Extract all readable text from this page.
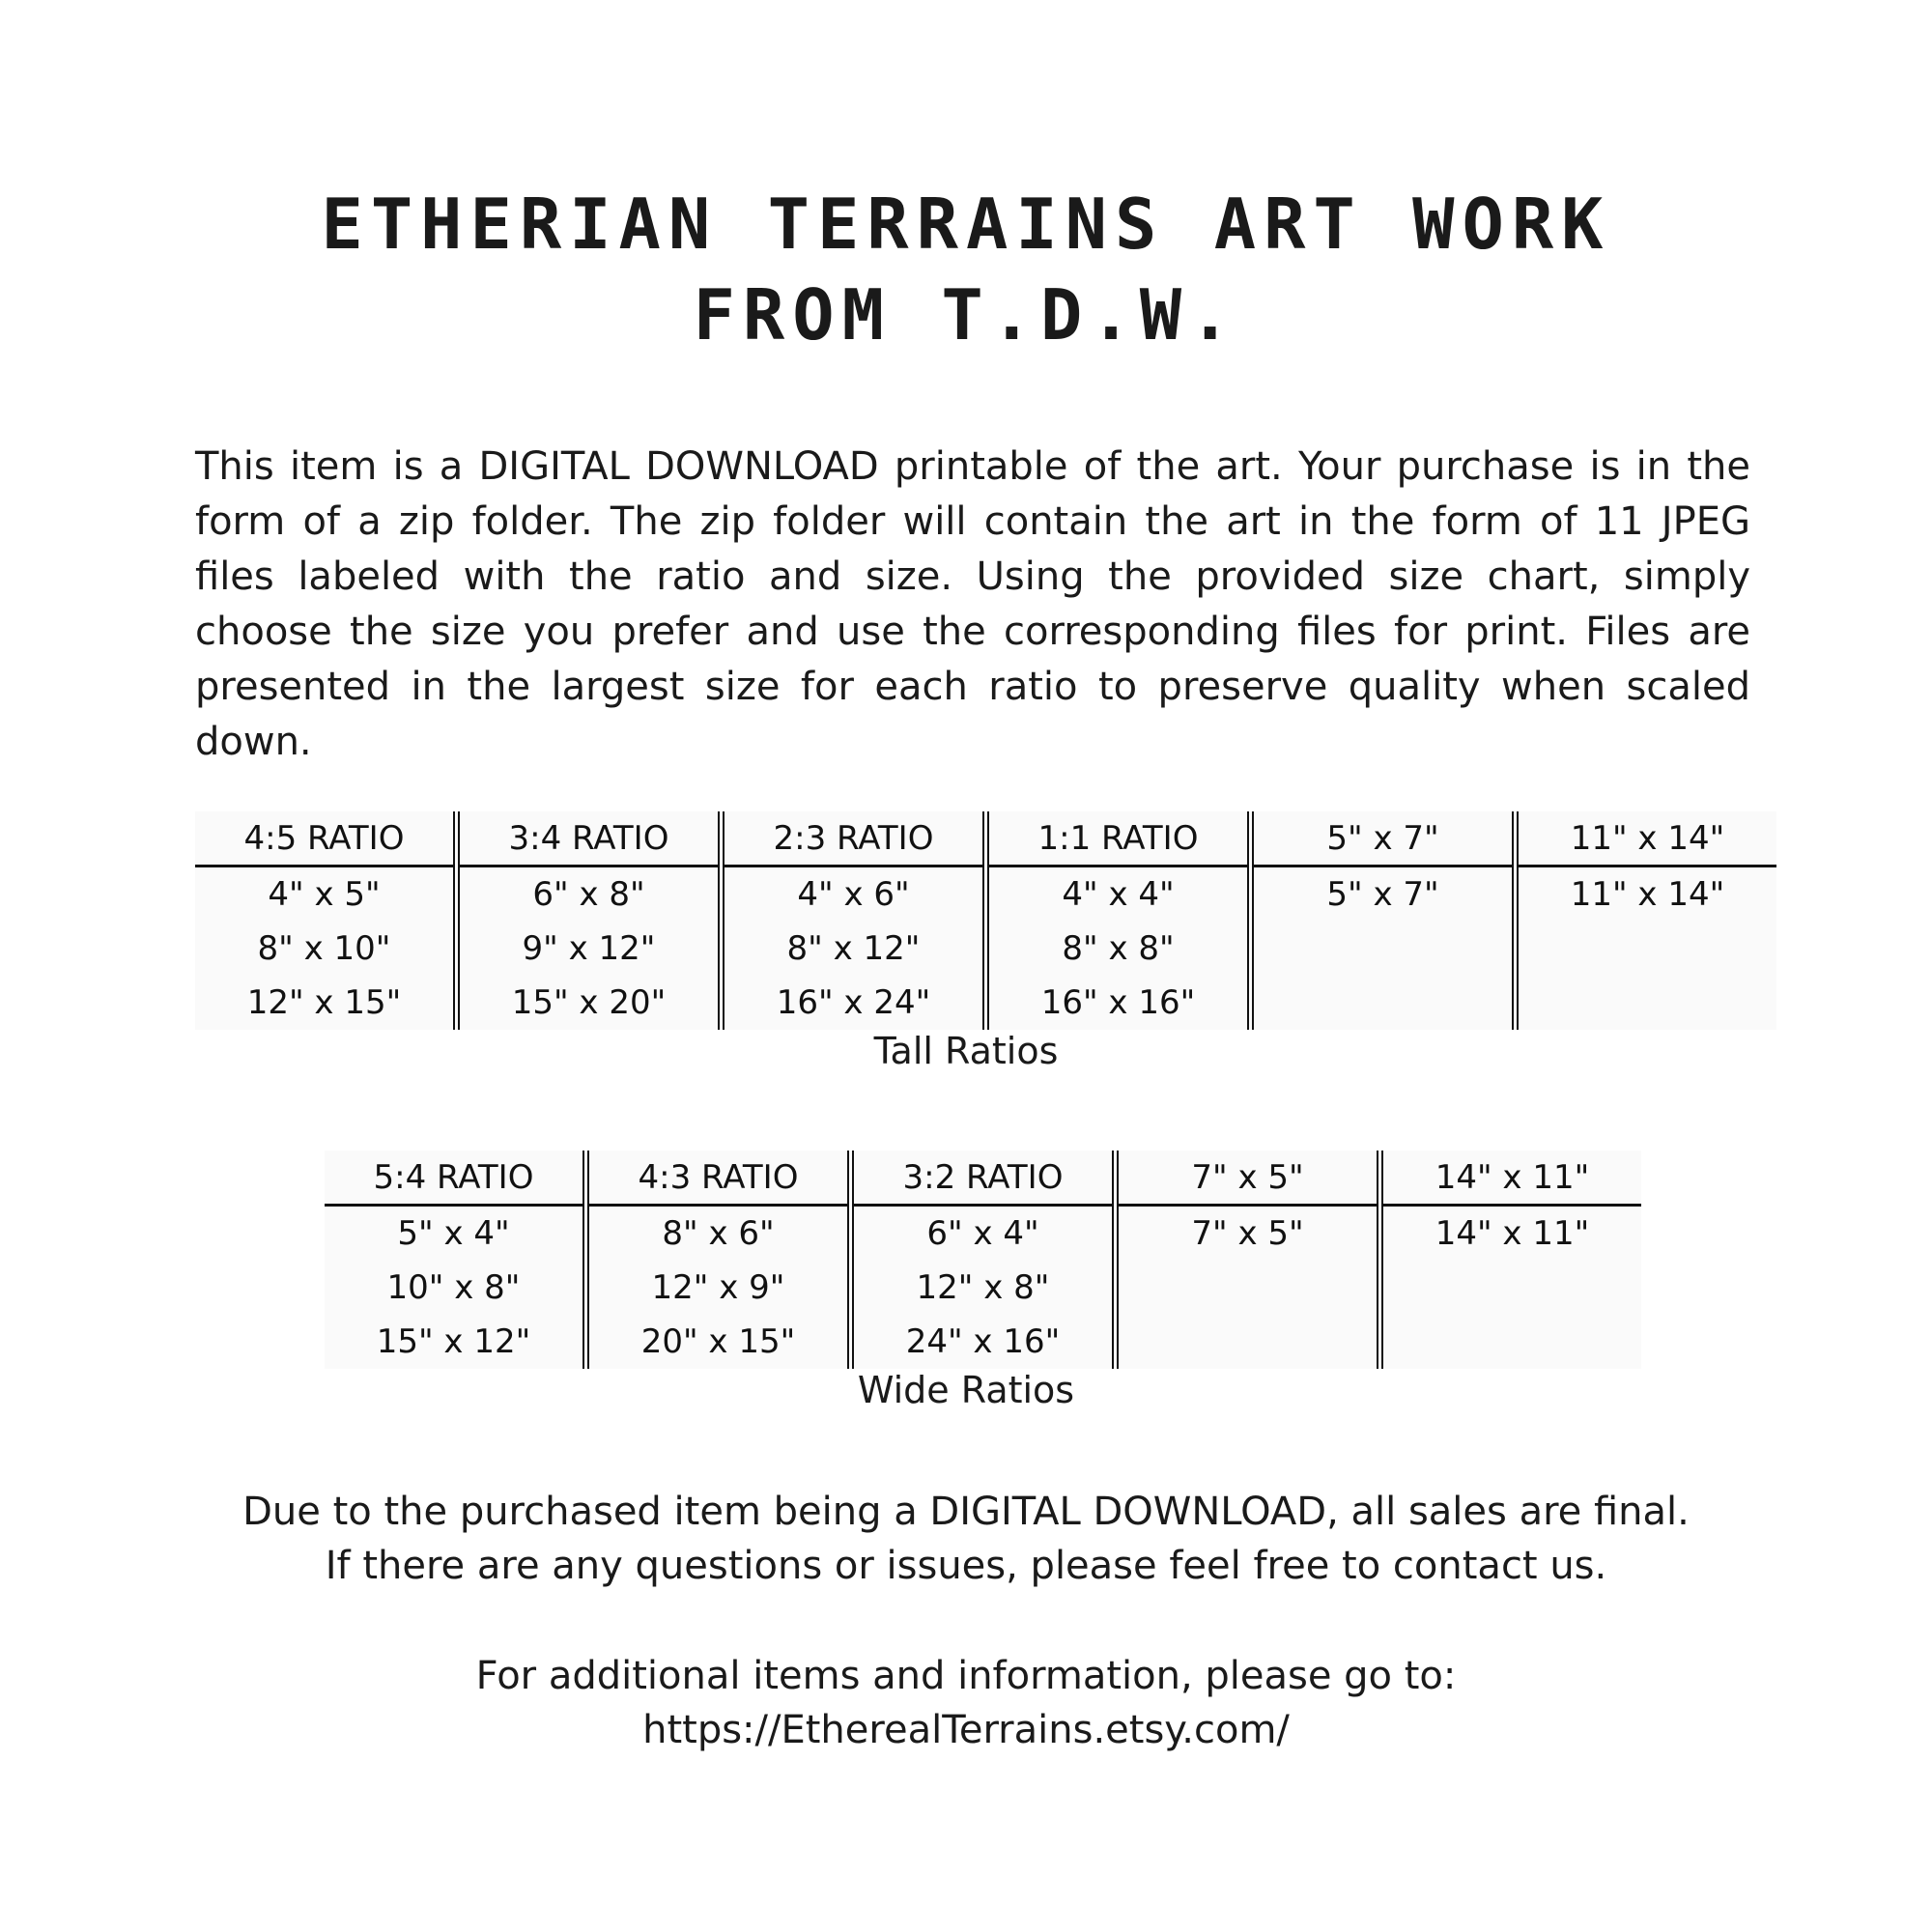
ETHERIAN TERRAINS ART WORK
FROM T.D.W.

This item is a DIGITAL DOWNLOAD printable of the art. Your purchase is in the form of a zip folder. The zip folder will contain the art in the form of 11 JPEG files labeled with the ratio and size. Using the provided size chart, simply choose the size you prefer and use the corresponding files for print. Files are presented in the largest size for each ratio to preserve quality when scaled down.

4:5 RATIO	3:4 RATIO	2:3 RATIO	1:1 RATIO	5" x 7"	11" x 14"
4" x 5"	6" x 8"	4" x 6"	4" x 4"	5" x 7"	11" x 14"
8" x 10"	9" x 12"	8" x 12"	8" x 8"		
12" x 15"	15" x 20"	16" x 24"	16" x 16"		
Tall Ratios
5:4 RATIO	4:3 RATIO	3:2 RATIO	7" x 5"	14" x 11"
5" x 4"	8" x 6"	6" x 4"	7" x 5"	14" x 11"
10" x 8"	12" x 9"	12" x 8"		
15" x 12"	20" x 15"	24" x 16"		
Wide Ratios
Due to the purchased item being a DIGITAL DOWNLOAD, all sales are final.
If there are any questions or issues, please feel free to contact us.
For additional items and information, please go to:
https://EtherealTerrains.etsy.com/
